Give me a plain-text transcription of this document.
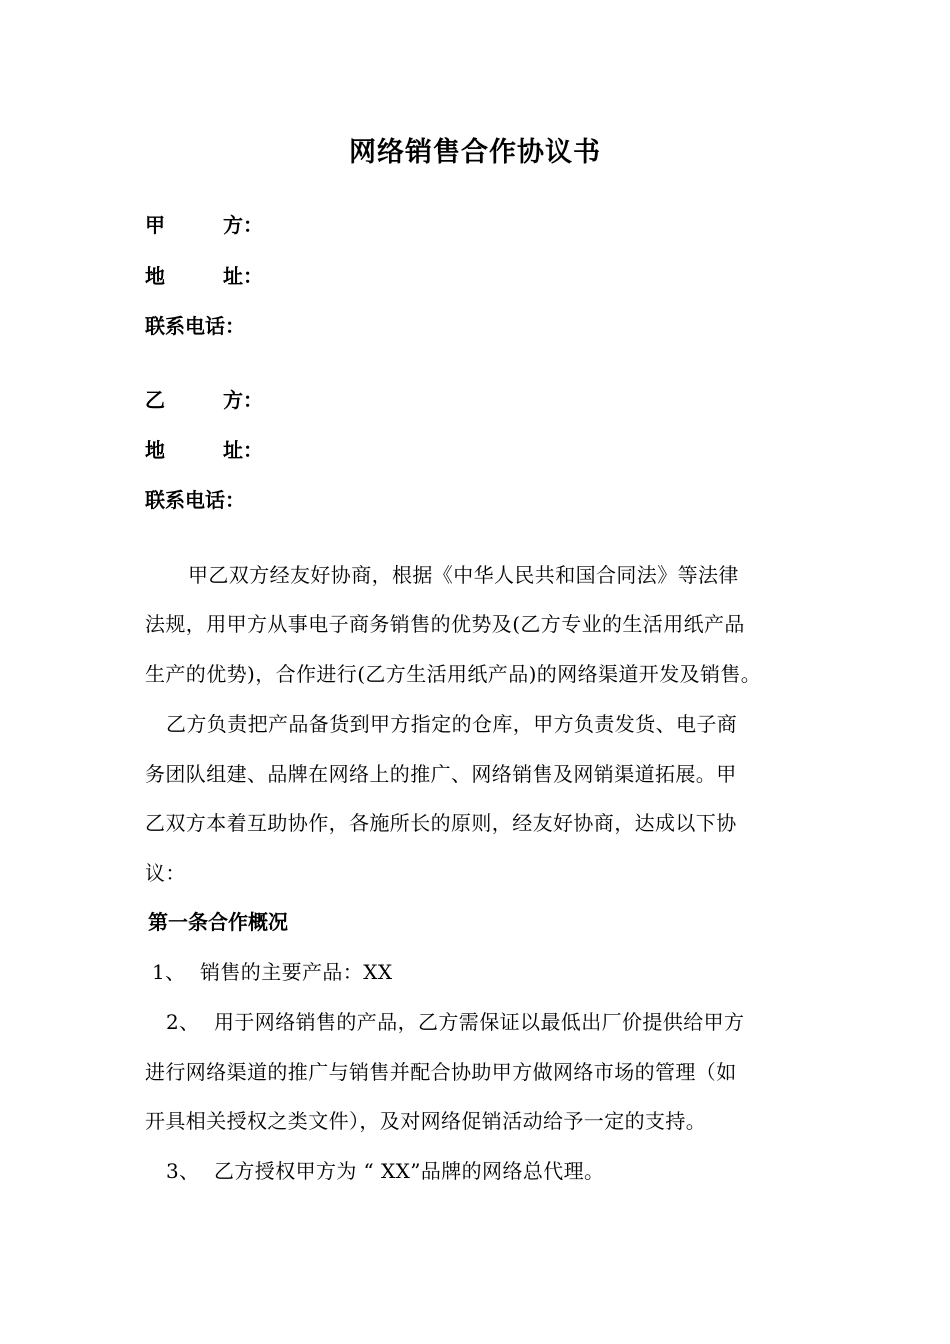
网络销售合作协议书
甲方：
地址：
联系电话：
乙方：
地址：
联系电话：
甲乙双方经友好协商，根据《中华人民共和国合同法》等法律
法规，用甲方从事电子商务销售的优势及(乙方专业的生活用纸产品
生产的优势)，合作进行(乙方生活用纸产品)的网络渠道开发及销售。
乙方负责把产品备货到甲方指定的仓库，甲方负责发货、电子商
务团队组建、品牌在网络上的推广、网络销售及网销渠道拓展。甲
乙双方本着互助协作，各施所长的原则，经友好协商，达成以下协
议：
第一条合作概况
1、 销售的主要产品：XX
2、 用于网络销售的产品，乙方需保证以最低出厂价提供给甲方
进行网络渠道的推广与销售并配合协助甲方做网络市场的管理（如
开具相关授权之类文件），及对网络促销活动给予一定的支持。
3、 乙方授权甲方为 “ XX”品牌的网络总代理。
